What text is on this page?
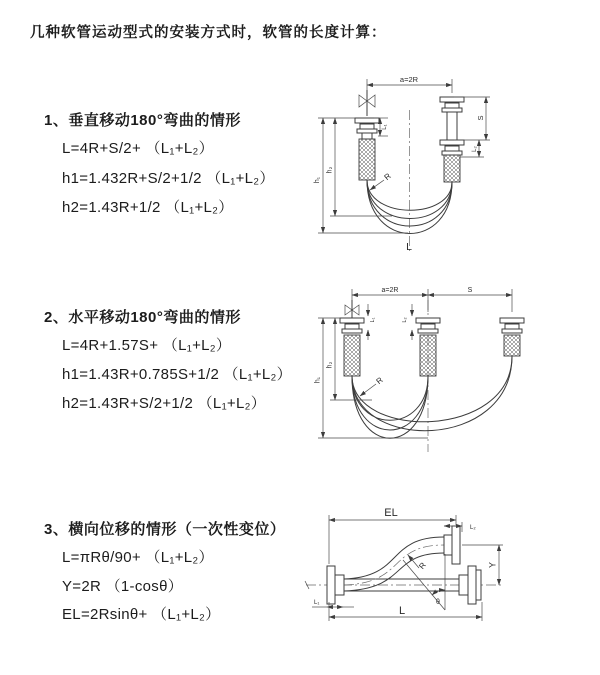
几种软管运动型式的安装方式时，软管的长度计算：
1、垂直移动180°弯曲的情形
L=4R+S/2+ （L₁+L₂）
h1=1.432R+S/2+1/2 （L₁+L₂）
h2=1.43R+1/2 （L₁+L₂）
2、水平移动180°弯曲的情形
L=4R+1.57S+ （L₁+L₂）
h1=1.43R+0.785S+1/2 （L₁+L₂）
h2=1.43R+S/2+1/2 （L₁+L₂）
3、横向位移的情形（一次性变位）
L=πRθ/90+ （L₁+L₂）
Y=2R （1-cosθ）
EL=2Rsinθ+ （L₁+L₂）
a=2R
h₁
h₂
L₁
S
L₂
R
L
a=2R	S
h₁
h₂
L₁	L₂
R
EL
L₂
Y
θ
R
L₁
L
